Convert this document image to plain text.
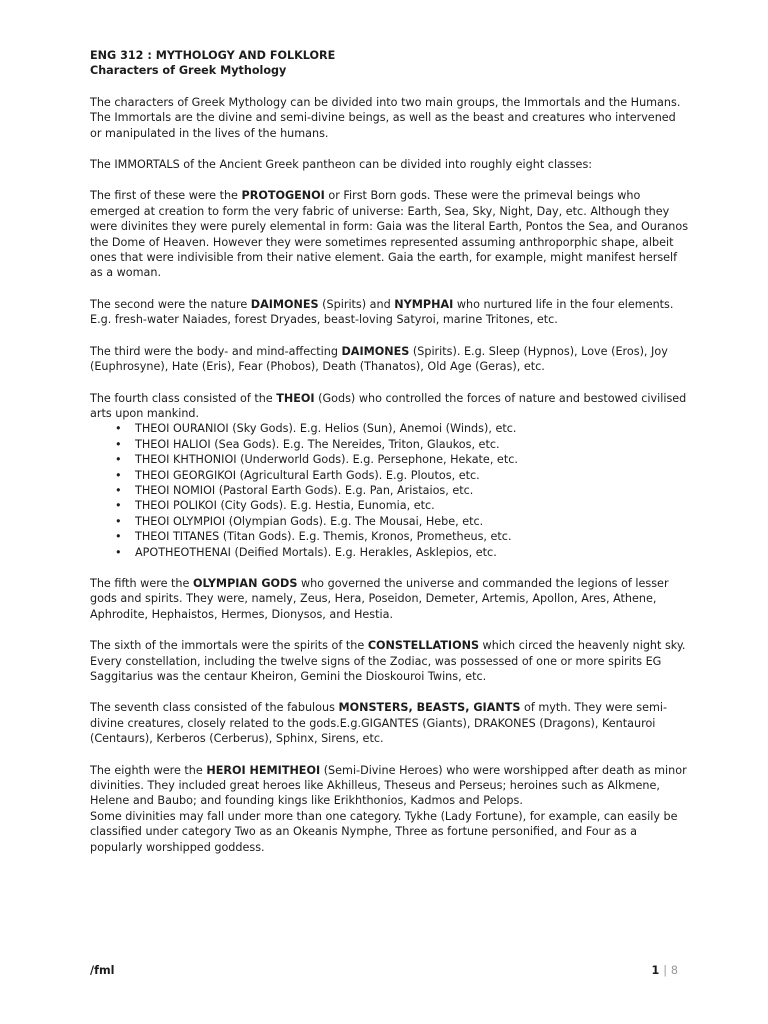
ENG 312 : MYTHOLOGY AND FOLKLORE
Characters of Greek Mythology

The characters of Greek Mythology can be divided into two main groups, the Immortals and the Humans. The Immortals are the divine and semi-divine beings, as well as the beast and creatures who intervened or manipulated in the lives of the humans.

The IMMORTALS of the Ancient Greek pantheon can be divided into roughly eight classes:

The first of these were the PROTOGENOI or First Born gods. These were the primeval beings who emerged at creation to form the very fabric of universe: Earth, Sea, Sky, Night, Day, etc. Although they were divinites they were purely elemental in form: Gaia was the literal Earth, Pontos the Sea, and Ouranos the Dome of Heaven. However they were sometimes represented assuming anthroporphic shape, albeit ones that were indivisible from their native element. Gaia the earth, for example, might manifest herself as a woman.

The second were the nature DAIMONES (Spirits) and NYMPHAI who nurtured life in the four elements. E.g. fresh-water Naiades, forest Dryades, beast-loving Satyroi, marine Tritones, etc.

The third were the body- and mind-affecting DAIMONES (Spirits). E.g. Sleep (Hypnos), Love (Eros), Joy (Euphrosyne), Hate (Eris), Fear (Phobos), Death (Thanatos), Old Age (Geras), etc.

The fourth class consisted of the THEOI (Gods) who controlled the forces of nature and bestowed civilised arts upon mankind.
• THEOI OURANIOI (Sky Gods). E.g. Helios (Sun), Anemoi (Winds), etc.
• THEOI HALIOI (Sea Gods). E.g. The Nereides, Triton, Glaukos, etc.
• THEOI KHTHONIOI (Underworld Gods). E.g. Persephone, Hekate, etc.
• THEOI GEORGIKOI (Agricultural Earth Gods). E.g. Ploutos, etc.
• THEOI NOMIOI (Pastoral Earth Gods). E.g. Pan, Aristaios, etc.
• THEOI POLIKOI (City Gods). E.g. Hestia, Eunomia, etc.
• THEOI OLYMPIOI (Olympian Gods). E.g. The Mousai, Hebe, etc.
• THEOI TITANES (Titan Gods). E.g. Themis, Kronos, Prometheus, etc.
• APOTHEOTHENAI (Deified Mortals). E.g. Herakles, Asklepios, etc.

The fifth were the OLYMPIAN GODS who governed the universe and commanded the legions of lesser gods and spirits. They were, namely, Zeus, Hera, Poseidon, Demeter, Artemis, Apollon, Ares, Athene, Aphrodite, Hephaistos, Hermes, Dionysos, and Hestia.

The sixth of the immortals were the spirits of the CONSTELLATIONS which circed the heavenly night sky. Every constellation, including the twelve signs of the Zodiac, was possessed of one or more spirits EG Saggitarius was the centaur Kheiron, Gemini the Dioskouroi Twins, etc.

The seventh class consisted of the fabulous MONSTERS, BEASTS, GIANTS of myth. They were semi-divine creatures, closely related to the gods.E.g.GIGANTES (Giants), DRAKONES (Dragons), Kentauroi (Centaurs), Kerberos (Cerberus), Sphinx, Sirens, etc.

The eighth were the HEROI HEMITHEOI (Semi-Divine Heroes) who were worshipped after death as minor divinities. They included great heroes like Akhilleus, Theseus and Perseus; heroines such as Alkmene, Helene and Baubo; and founding kings like Erikhthonios, Kadmos and Pelops.
Some divinities may fall under more than one category. Tykhe (Lady Fortune), for example, can easily be classified under category Two as an Okeanis Nymphe, Three as fortune personified, and Four as a popularly worshipped goddess.
/fml	1 | 8
